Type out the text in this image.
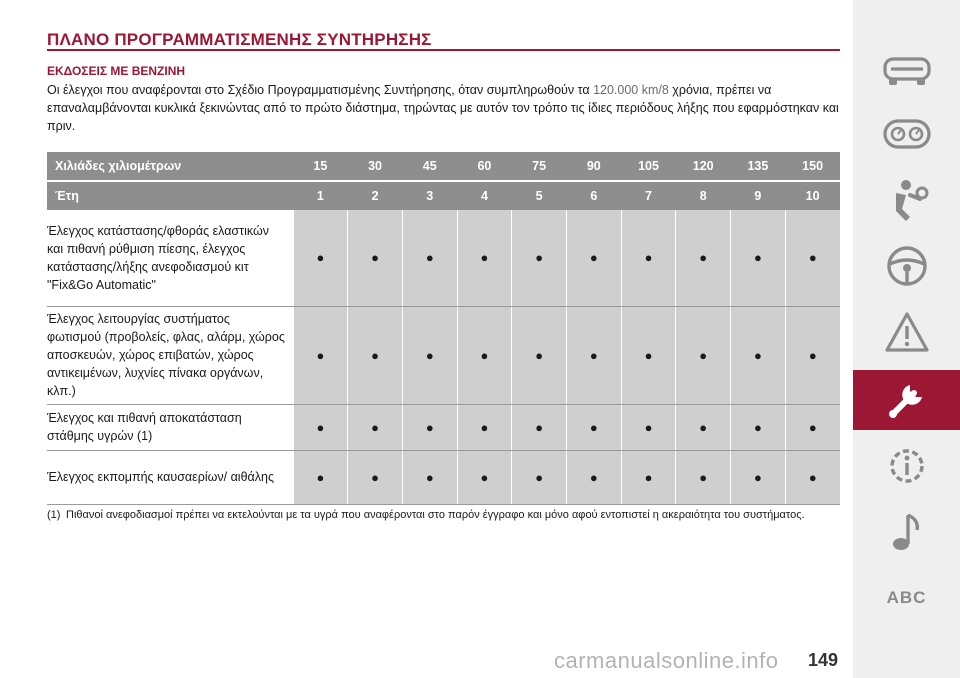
ΠΛΑΝΟ ΠΡΟΓΡΑΜΜΑΤΙΣΜΕΝΗΣ ΣΥΝΤΗΡΗΣΗΣ
ΕΚΔΟΣΕΙΣ ΜΕ ΒΕΝΖΙΝΗ
Οι έλεγχοι που αναφέρονται στο Σχέδιο Προγραμματισμένης Συντήρησης, όταν συμπληρωθούν τα 120.000 km/8 χρόνια, πρέπει να επαναλαμβάνονται κυκλικά ξεκινώντας από το πρώτο διάστημα, τηρώντας με αυτόν τον τρόπο τις ίδιες περιόδους λήξης που εφαρμόστηκαν και πριν.
Χιλιάδες χιλιομέτρων	15	30	45	60	75	90	105	120	135	150
Έτη	1	2	3	4	5	6	7	8	9	10
Έλεγχος κατάστασης/φθοράς ελαστικών και πιθανή ρύθμιση πίεσης, έλεγχος κατάστασης/λήξης ανεφοδιασμού κιτ "Fix&Go Automatic"	●	●	●	●	●	●	●	●	●	●
Έλεγχος λειτουργίας συστήματος φωτισμού (προβολείς, φλας, αλάρμ, χώρος αποσκευών, χώρος επιβατών, χώρος αντικειμένων, λυχνίες πίνακα οργάνων, κλπ.)	●	●	●	●	●	●	●	●	●	●
Έλεγχος και πιθανή αποκατάσταση στάθμης υγρών (1)	●	●	●	●	●	●	●	●	●	●
Έλεγχος εκπομπής καυσαερίων/ αιθάλης	●	●	●	●	●	●	●	●	●	●
(1) Πιθανοί ανεφοδιασμοί πρέπει να εκτελούνται με τα υγρά που αναφέρονται στο παρόν έγγραφο και μόνο αφού εντοπιστεί η ακεραιότητα του συστήματος.
ABC
carmanualsonline.info 149
